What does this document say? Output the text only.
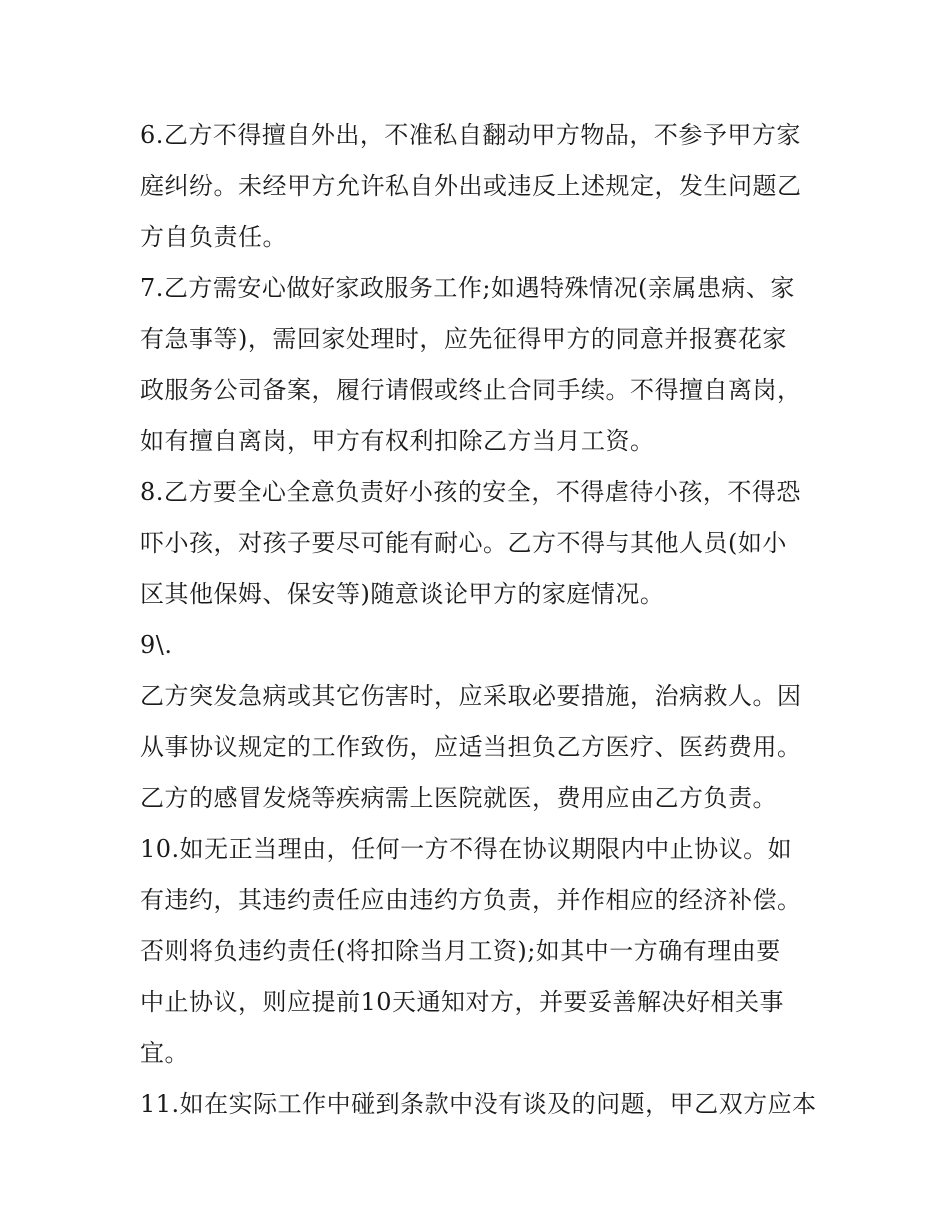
6.乙方不得擅自外出，不准私自翻动甲方物品，不参予甲方家
庭纠纷。未经甲方允许私自外出或违反上述规定，发生问题乙
方自负责任。
7.乙方需安心做好家政服务工作;如遇特殊情况(亲属患病、家
有急事等)，需回家处理时，应先征得甲方的同意并报赛花家
政服务公司备案，履行请假或终止合同手续。不得擅自离岗，
如有擅自离岗，甲方有权利扣除乙方当月工资。
8.乙方要全心全意负责好小孩的安全，不得虐待小孩，不得恐
吓小孩，对孩子要尽可能有耐心。乙方不得与其他人员(如小
区其他保姆、保安等)随意谈论甲方的家庭情况。
9\.
乙方突发急病或其它伤害时，应采取必要措施，治病救人。因
从事协议规定的工作致伤，应适当担负乙方医疗、医药费用。
乙方的感冒发烧等疾病需上医院就医，费用应由乙方负责。
10.如无正当理由，任何一方不得在协议期限内中止协议。如
有违约，其违约责任应由违约方负责，并作相应的经济补偿。
否则将负违约责任(将扣除当月工资);如其中一方确有理由要
中止协议，则应提前10天通知对方，并要妥善解决好相关事
宜。
11.如在实际工作中碰到条款中没有谈及的问题，甲乙双方应本
